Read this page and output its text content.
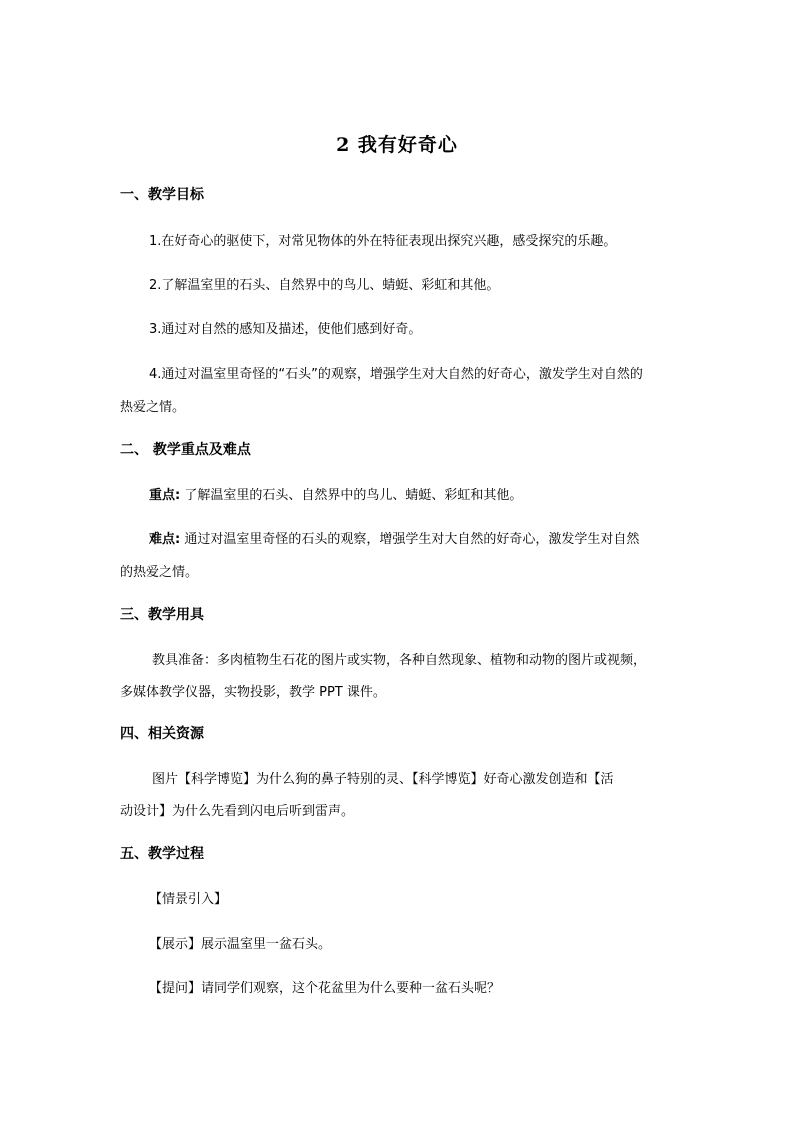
2 我有好奇心
一、教学目标
1.在好奇心的驱使下，对常见物体的外在特征表现出探究兴趣，感受探究的乐趣。
2.了解温室里的石头、自然界中的鸟儿、蜻蜓、彩虹和其他。
3.通过对自然的感知及描述，使他们感到好奇。
4.通过对温室里奇怪的“石头”的观察，增强学生对大自然的好奇心，激发学生对自然的
热爱之情。
二、 教学重点及难点
重点: 了解温室里的石头、自然界中的鸟儿、蜻蜓、彩虹和其他。
难点: 通过对温室里奇怪的石头的观察，增强学生对大自然的好奇心，激发学生对自然
的热爱之情。
三、教学用具
教具准备：多肉植物生石花的图片或实物，各种自然现象、植物和动物的图片或视频，
多媒体教学仪器，实物投影，教学 PPT 课件。
四、相关资源
图片【科学博览】为什么狗的鼻子特别的灵、【科学博览】好奇心激发创造和【活
动设计】为什么先看到闪电后听到雷声。
五、教学过程
【情景引入】
【展示】展示温室里一盆石头。
【提问】请同学们观察，这个花盆里为什么要种一盆石头呢？
